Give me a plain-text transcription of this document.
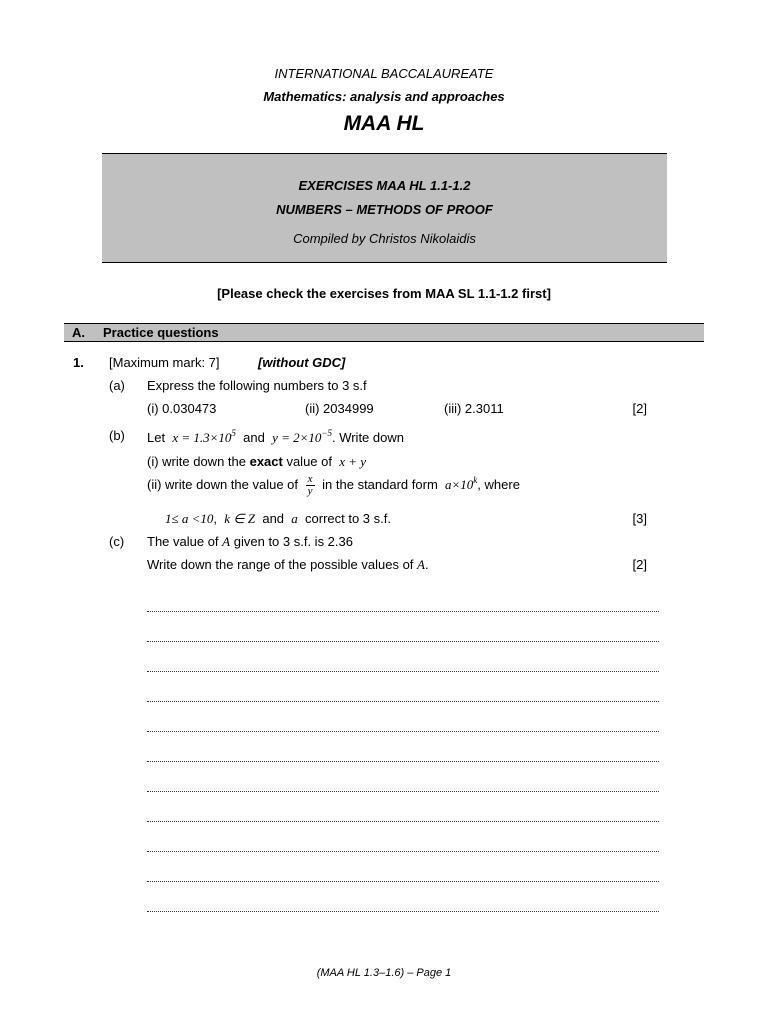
INTERNATIONAL BACCALAUREATE
Mathematics: analysis and approaches
MAA HL
EXERCISES MAA HL 1.1-1.2
NUMBERS – METHODS OF PROOF
Compiled by Christos Nikolaidis
[Please check the exercises from MAA SL 1.1-1.2 first]
A. Practice questions
1. [Maximum mark: 7]	[without GDC]
(a) Express the following numbers to 3 s.f
(i) 0.030473	(ii) 2034999	(iii) 2.3011	[2]
(b) Let $x = 1.3\times 10^5$ and $y = 2\times 10^{-5}$. Write down
(i) write down the exact value of x + y
(ii) write down the value of $\frac{x}{y}$ in the standard form $a\times 10^k$, where
1≤ a <10, k ∈ Z and a correct to 3 s.f.	[3]
(c) The value of A given to 3 s.f. is 2.36
Write down the range of the possible values of A.	[2]
(MAA HL 1.3–1.6) – Page 1
